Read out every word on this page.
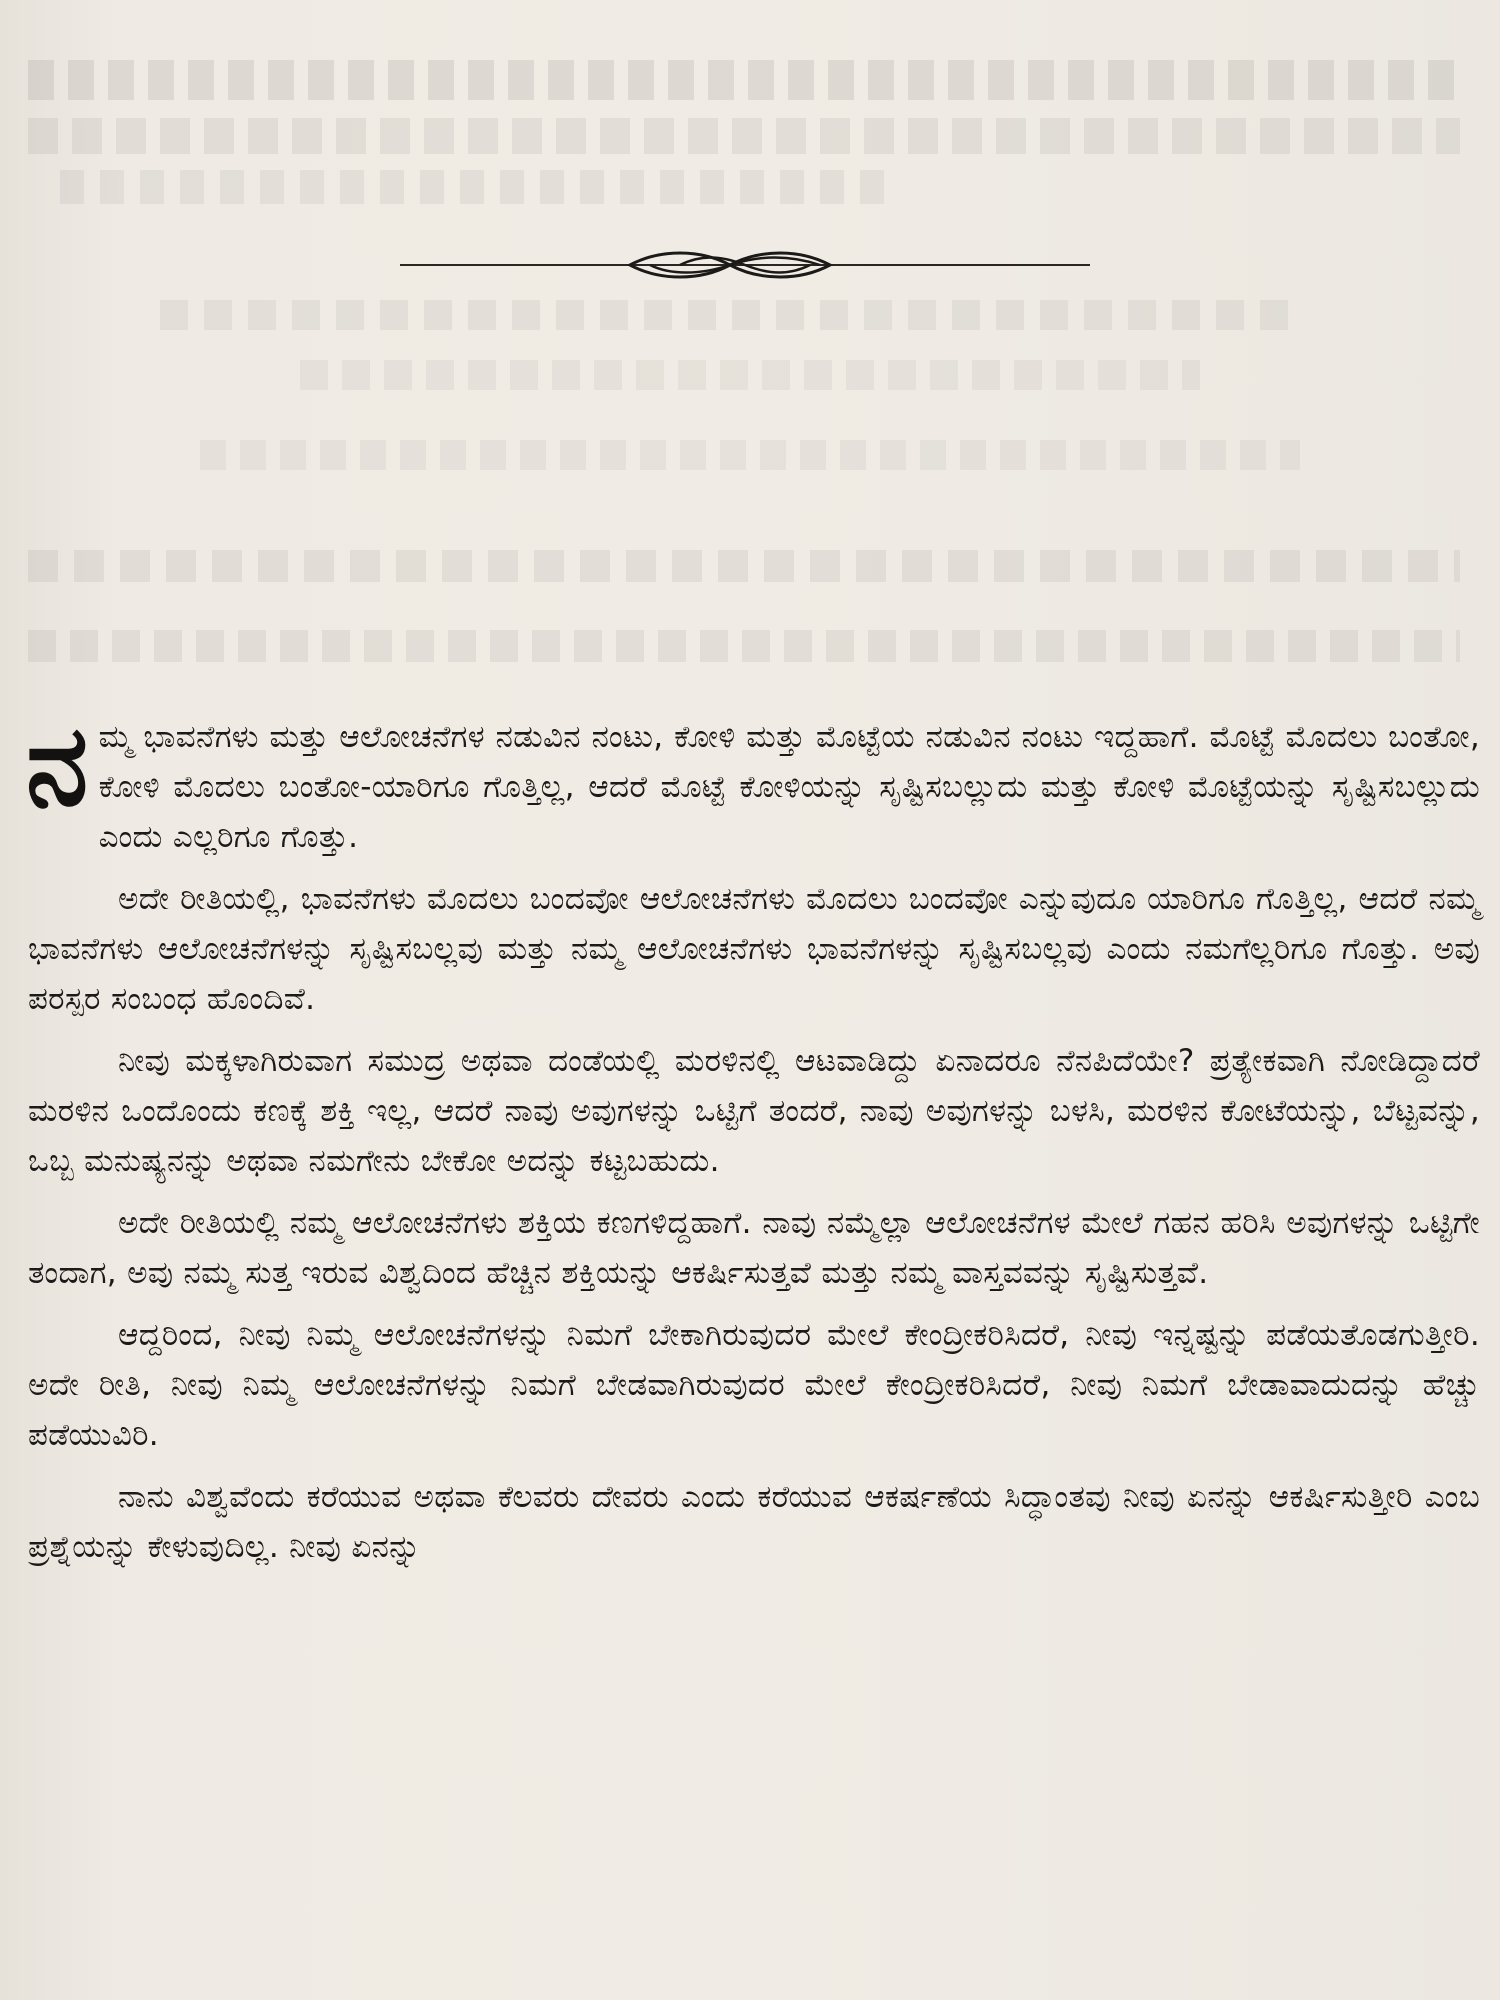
ನಮ್ಮ ಭಾವನೆಗಳು ಮತ್ತು ಆಲೋಚನೆಗಳ ನಡುವಿನ ನಂಟು, ಕೋಳಿ ಮತ್ತು ಮೊಟ್ಟೆಯ ನಡುವಿನ ನಂಟು ಇದ್ದಹಾಗೆ. ಮೊಟ್ಟೆ ಮೊದಲು ಬಂತೋ, ಕೋಳಿ ಮೊದಲು ಬಂತೋ-ಯಾರಿಗೂ ಗೊತ್ತಿಲ್ಲ, ಆದರೆ ಮೊಟ್ಟೆ ಕೋಳಿಯನ್ನು ಸೃಷ್ಟಿಸಬಲ್ಲುದು ಮತ್ತು ಕೋಳಿ ಮೊಟ್ಟೆಯನ್ನು ಸೃಷ್ಟಿಸಬಲ್ಲುದು ಎಂದು ಎಲ್ಲರಿಗೂ ಗೊತ್ತು.

ಅದೇ ರೀತಿಯಲ್ಲಿ, ಭಾವನೆಗಳು ಮೊದಲು ಬಂದವೋ ಆಲೋಚನೆಗಳು ಮೊದಲು ಬಂದವೋ ಎನ್ನುವುದೂ ಯಾರಿಗೂ ಗೊತ್ತಿಲ್ಲ, ಆದರೆ ನಮ್ಮ ಭಾವನೆಗಳು ಆಲೋಚನೆಗಳನ್ನು ಸೃಷ್ಟಿಸಬಲ್ಲವು ಮತ್ತು ನಮ್ಮ ಆಲೋಚನೆಗಳು ಭಾವನೆಗಳನ್ನು ಸೃಷ್ಟಿಸಬಲ್ಲವು ಎಂದು ನಮಗೆಲ್ಲರಿಗೂ ಗೊತ್ತು. ಅವು ಪರಸ್ಪರ ಸಂಬಂಧ ಹೊಂದಿವೆ.

ನೀವು ಮಕ್ಕಳಾಗಿರುವಾಗ ಸಮುದ್ರ ಅಥವಾ ದಂಡೆಯಲ್ಲಿ ಮರಳಿನಲ್ಲಿ ಆಟವಾಡಿದ್ದು ಏನಾದರೂ ನೆನಪಿದೆಯೇ? ಪ್ರತ್ಯೇಕವಾಗಿ ನೋಡಿದ್ದಾದರೆ ಮರಳಿನ ಒಂದೊಂದು ಕಣಕ್ಕೆ ಶಕ್ತಿ ಇಲ್ಲ, ಆದರೆ ನಾವು ಅವುಗಳನ್ನು ಒಟ್ಟಿಗೆ ತಂದರೆ, ನಾವು ಅವುಗಳನ್ನು ಬಳಸಿ, ಮರಳಿನ ಕೋಟೆಯನ್ನು, ಬೆಟ್ಟವನ್ನು, ಒಬ್ಬ ಮನುಷ್ಯನನ್ನು ಅಥವಾ ನಮಗೇನು ಬೇಕೋ ಅದನ್ನು ಕಟ್ಟಬಹುದು.

ಅದೇ ರೀತಿಯಲ್ಲಿ ನಮ್ಮ ಆಲೋಚನೆಗಳು ಶಕ್ತಿಯ ಕಣಗಳಿದ್ದಹಾಗೆ. ನಾವು ನಮ್ಮೆಲ್ಲಾ ಆಲೋಚನೆಗಳ ಮೇಲೆ ಗಹನ ಹರಿಸಿ ಅವುಗಳನ್ನು ಒಟ್ಟಿಗೇ ತಂದಾಗ, ಅವು ನಮ್ಮ ಸುತ್ತ ಇರುವ ವಿಶ್ವದಿಂದ ಹೆಚ್ಚಿನ ಶಕ್ತಿಯನ್ನು ಆಕರ್ಷಿಸುತ್ತವೆ ಮತ್ತು ನಮ್ಮ ವಾಸ್ತವವನ್ನು ಸೃಷ್ಟಿಸುತ್ತವೆ.

ಆದ್ದರಿಂದ, ನೀವು ನಿಮ್ಮ ಆಲೋಚನೆಗಳನ್ನು ನಿಮಗೆ ಬೇಕಾಗಿರುವುದರ ಮೇಲೆ ಕೇಂದ್ರೀಕರಿಸಿದರೆ, ನೀವು ಇನ್ನಷ್ಟನ್ನು ಪಡೆಯತೊಡಗುತ್ತೀರಿ. ಅದೇ ರೀತಿ, ನೀವು ನಿಮ್ಮ ಆಲೋಚನೆಗಳನ್ನು ನಿಮಗೆ ಬೇಡವಾಗಿರುವುದರ ಮೇಲೆ ಕೇಂದ್ರೀಕರಿಸಿದರೆ, ನೀವು ನಿಮಗೆ ಬೇಡಾವಾದುದನ್ನು ಹೆಚ್ಚು ಪಡೆಯುವಿರಿ.

ನಾನು ವಿಶ್ವವೆಂದು ಕರೆಯುವ ಅಥವಾ ಕೆಲವರು ದೇವರು ಎಂದು ಕರೆಯುವ ಆಕರ್ಷಣೆಯ ಸಿದ್ಧಾಂತವು ನೀವು ಏನನ್ನು ಆಕರ್ಷಿಸುತ್ತೀರಿ ಎಂಬ ಪ್ರಶ್ನೆಯನ್ನು ಕೇಳುವುದಿಲ್ಲ. ನೀವು ಏನನ್ನು
